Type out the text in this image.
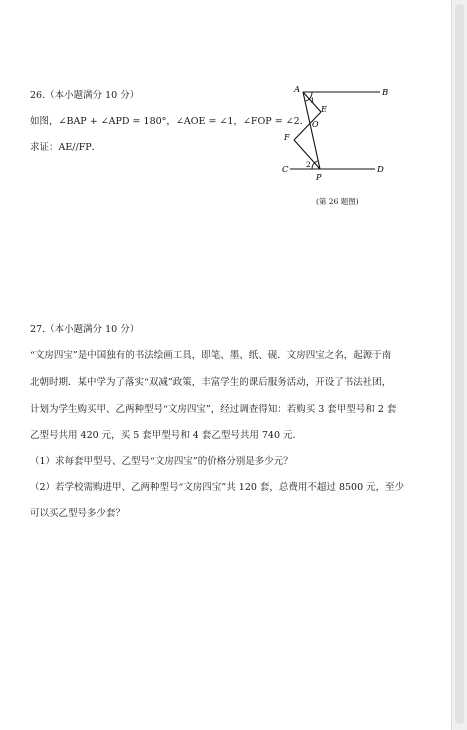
26.（本小题满分 10 分）
如图，∠BAP + ∠APD = 180°，∠AOE = ∠1，∠FOP = ∠2．
求证：AE//FP．
A	B
C	D
E
F
O
P
1
2
(第 26 题图)
27.（本小题满分 10 分）
“文房四宝”是中国独有的书法绘画工具，即笔、墨、纸、砚．文房四宝之名，起源于南
北朝时期．某中学为了落实“双减”政策，丰富学生的课后服务活动，开设了书法社团，
计划为学生购买甲、乙两种型号“文房四宝”，经过调查得知：若购买 3 套甲型号和 2 套
乙型号共用 420 元，买 5 套甲型号和 4 套乙型号共用 740 元．
（1）求每套甲型号、乙型号“文房四宝”的价格分别是多少元？
（2）若学校需购进甲、乙两种型号“文房四宝”共 120 套，总费用不超过 8500 元，至少
可以买乙型号多少套？
